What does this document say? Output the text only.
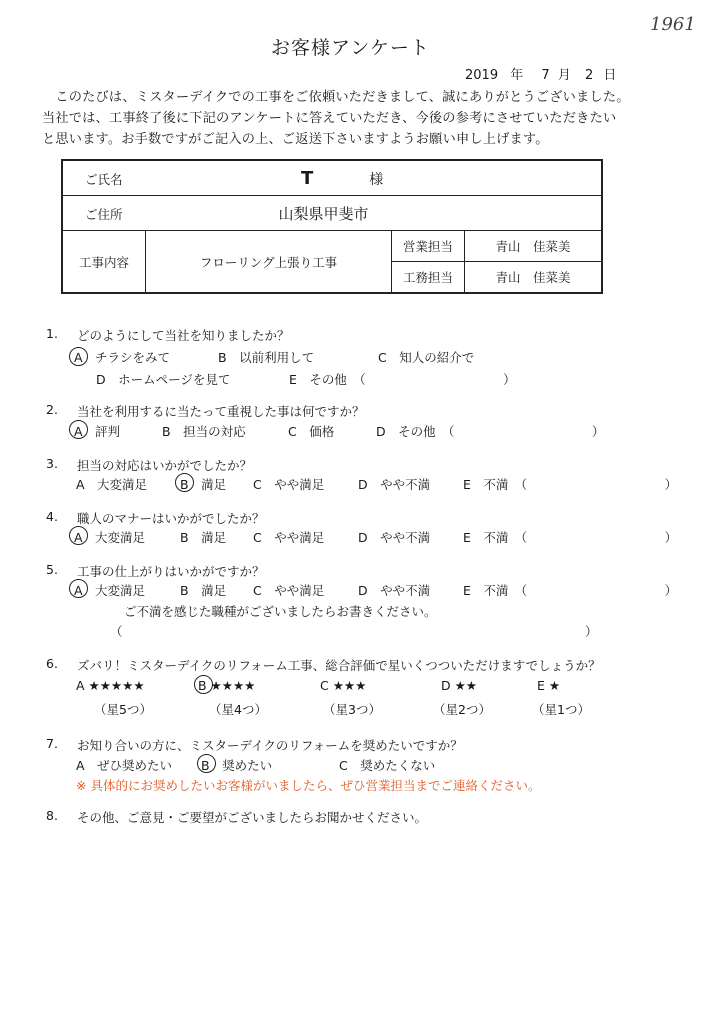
1961
お客様アンケート
2019 年 7 月 2 日
　このたびは、ミスターデイクでの工事をご依頼いただきまして、誠にありがとうございました。
当社では、工事終了後に下記のアンケートに答えていただき、今後の参考にさせていただきたい
と思います。お手数ですがご記入の上、ご返送下さいますようお願い申し上げます。
ご氏名 T 様			
ご住所 山梨県甲斐市			
工事内容	フローリング上張り工事	営業担当	青山　佳菜美
		工務担当	青山　佳菜美
1. どのようにして当社を知りましたか？
A　チラシをみて	B　以前利用して	C　知人の紹介で
D　ホームページを見て	E　その他　（　　　　　　　　　　　）
2. 当社を利用するに当たって重視した事は何ですか？
A　評判	B　担当の対応	C　価格	D　その他　（　　　　　　　　　　　）
3. 担当の対応はいかがでしたか？
A　大変満足	B　満足 C　やや満足	D　やや不満	E　不満　（　　　　　　　　　　　）
4. 職人のマナーはいかがでしたか？
A　大変満足	B　満足 C　やや満足	D　やや不満	E　不満　（　　　　　　　　　　　）
5. 工事の仕上がりはいかがですか？
A　大変満足	B　満足 C　やや満足	D　やや不満	E　不満　（　　　　　　　　　　　）
ご不満を感じた職種がございましたらお書きください。
（　　　　　　　　　　　　　　　　　　　　　　　　　　　　　　　　　　　　　）
6. ズバリ！ミスターデイクのリフォーム工事、総合評価で星いくつついただけますでしょうか？
A ★★★★★	B ★★★★	C ★★★	D ★★	E ★
（星5つ）	（星4つ）	（星3つ）	（星2つ）	（星1つ）
7. お知り合いの方に、ミスターデイクのリフォームを奨めたいですか？
A　ぜひ奨めたい B　奨めたい	C　奨めたくない
※ 具体的にお奨めしたいお客様がいましたら、ぜひ営業担当までご連絡ください。
8. その他、ご意見・ご要望がございましたらお聞かせください。
